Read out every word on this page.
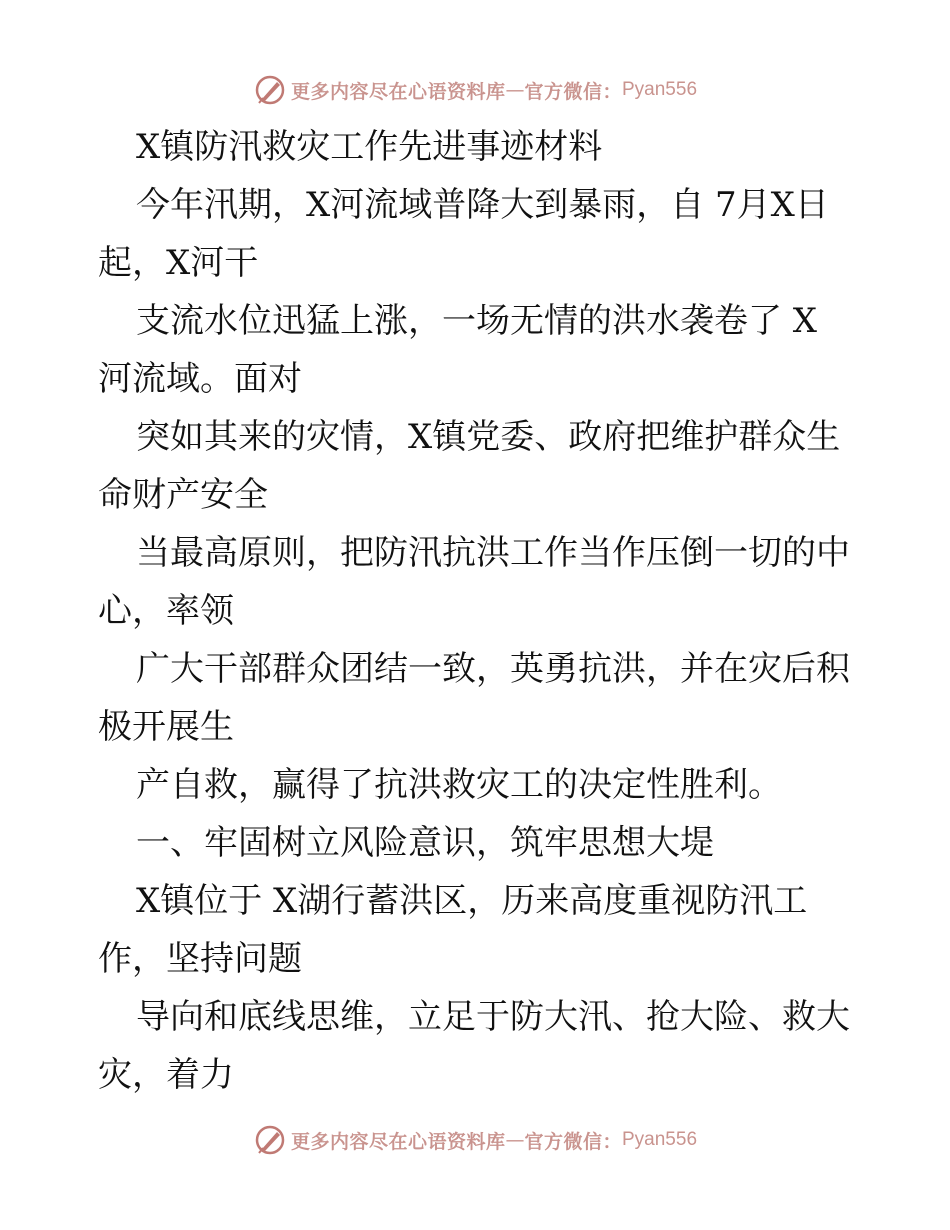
更多内容尽在心语资料库 — 官方微信： Pyan556
X镇防汛救灾工作先进事迹材料
今年汛期，X河流域普降大到暴雨，自 7月X日
起，X河干
支流水位迅猛上涨，一场无情的洪水袭卷了 X
河流域。面对
突如其来的灾情，X镇党委、政府把维护群众生
命财产安全
当最高原则，把防汛抗洪工作当作压倒一切的中
心，率领
广大干部群众团结一致，英勇抗洪，并在灾后积
极开展生
产自救，赢得了抗洪救灾工的决定性胜利。
一、牢固树立风险意识，筑牢思想大堤
X镇位于 X湖行蓄洪区，历来高度重视防汛工
作，坚持问题
导向和底线思维，立足于防大汛、抢大险、救大
灾，着力
更多内容尽在心语资料库 — 官方微信： Pyan556
